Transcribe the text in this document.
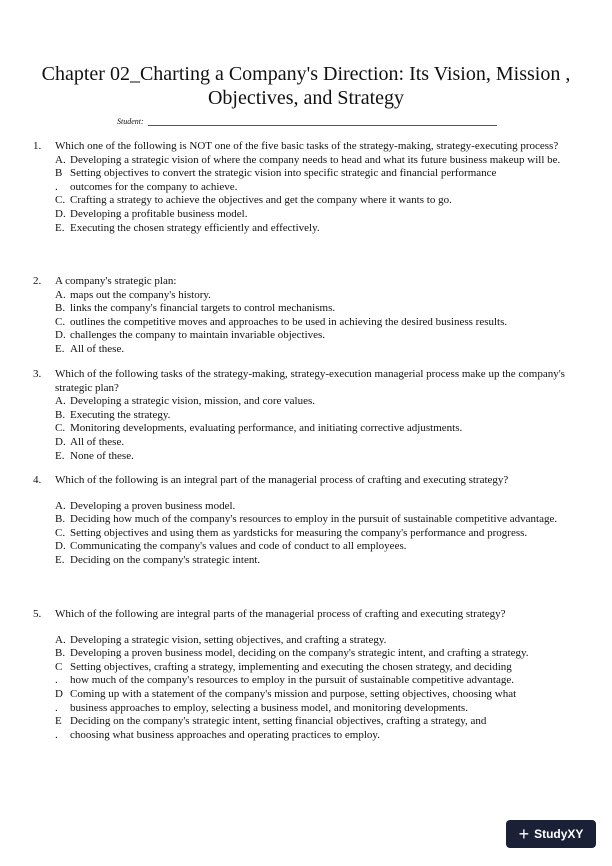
Chapter 02_Charting a Company's Direction: Its Vision, Mission , Objectives, and Strategy
Student:
1.	Which one of the following is NOT one of the five basic tasks of the strategy-making, strategy-executing process?
A. Developing a strategic vision of where the company needs to head and what its future business makeup will be.
B Setting objectives to convert the strategic vision into specific strategic and financial performance
.	outcomes for the company to achieve.
C. Crafting a strategy to achieve the objectives and get the company where it wants to go.
D. Developing a profitable business model.
E. Executing the chosen strategy efficiently and effectively.
2.	A company's strategic plan:
A. maps out the company's history.
B. links the company's financial targets to control mechanisms.
C. outlines the competitive moves and approaches to be used in achieving the desired business results.
D. challenges the company to maintain invariable objectives.
E. All of these.
3.	Which of the following tasks of the strategy-making, strategy-execution managerial process make up the company's strategic plan?
A. Developing a strategic vision, mission, and core values.
B. Executing the strategy.
C. Monitoring developments, evaluating performance, and initiating corrective adjustments.
D. All of these.
E. None of these.
4.	Which of the following is an integral part of the managerial process of crafting and executing strategy?
A. Developing a proven business model.
B. Deciding how much of the company's resources to employ in the pursuit of sustainable competitive advantage.
C. Setting objectives and using them as yardsticks for measuring the company's performance and progress.
D. Communicating the company's values and code of conduct to all employees.
E. Deciding on the company's strategic intent.
5.	Which of the following are integral parts of the managerial process of crafting and executing strategy?
A. Developing a strategic vision, setting objectives, and crafting a strategy.
B. Developing a proven business model, deciding on the company's strategic intent, and crafting a strategy.
C Setting objectives, crafting a strategy, implementing and executing the chosen strategy, and deciding
.	how much of the company's resources to employ in the pursuit of sustainable competitive advantage.
D Coming up with a statement of the company's mission and purpose, setting objectives, choosing what
.	business approaches to employ, selecting a business model, and monitoring developments.
E Deciding on the company's strategic intent, setting financial objectives, crafting a strategy, and
.	choosing what business approaches and operating practices to employ.
+ StudyXY
